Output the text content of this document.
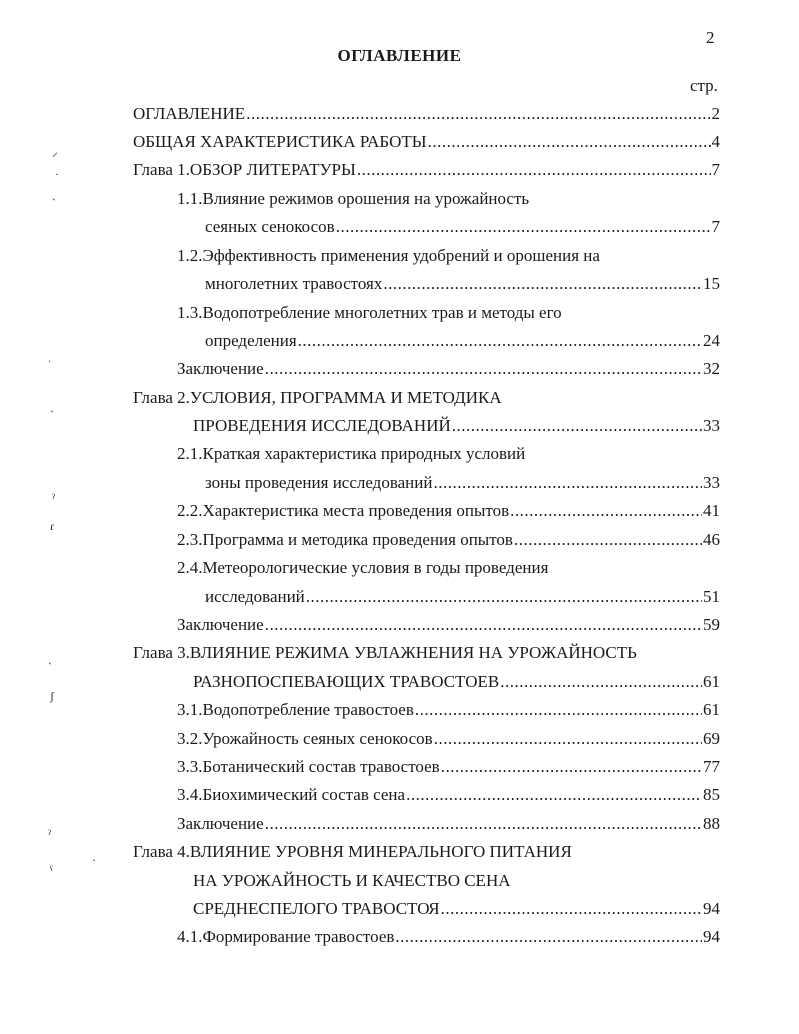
2
ОГЛАВЛЕНИЕ
стр.
ОГЛАВЛЕНИЕ .....	2
ОБЩАЯ ХАРАКТЕРИСТИКА РАБОТЫ .....	4
Глава 1.ОБЗОР ЛИТЕРАТУРЫ .....	7
1.1.Влияние режимов орошения на урожайность
сеяных сенокосов .....	7
1.2.Эффективность применения удобрений и орошения на
многолетних травостоях .....	15
1.3.Водопотребление многолетних трав и методы его
определения .....	24
Заключение .....	32
Глава 2.УСЛОВИЯ, ПРОГРАММА И МЕТОДИКА
ПРОВЕДЕНИЯ ИССЛЕДОВАНИЙ .....	33
2.1.Краткая характеристика природных условий
зоны проведения исследований .....	33
2.2.Характеристика места проведения опытов .....	41
2.3.Программа и методика проведения опытов .....	46
2.4.Метеорологические условия в годы проведения
исследований .....	51
Заключение .....	59
Глава 3.ВЛИЯНИЕ РЕЖИМА УВЛАЖНЕНИЯ НА УРОЖАЙНОСТЬ
РАЗНОПОСПЕВАЮЩИХ ТРАВОСТОЕВ .....	61
3.1.Водопотребление травостоев .....	61
3.2.Урожайность сеяных сенокосов .....	69
3.3.Ботанический состав травостоев .....	77
3.4.Биохимический состав сена .....	85
Заключение .....	88
Глава 4.ВЛИЯНИЕ УРОВНЯ МИНЕРАЛЬНОГО ПИТАНИЯ
НА УРОЖАЙНОСТЬ И КАЧЕСТВО СЕНА
СРЕДНЕСПЕЛОГО ТРАВОСТОЯ .....	94
4.1.Формирование травостоев .....	94
⸝
·
ˎ
ˑ
ˏ
ˀ
ɾ
ˎ
ʃ
ˀ
ˁ
·
